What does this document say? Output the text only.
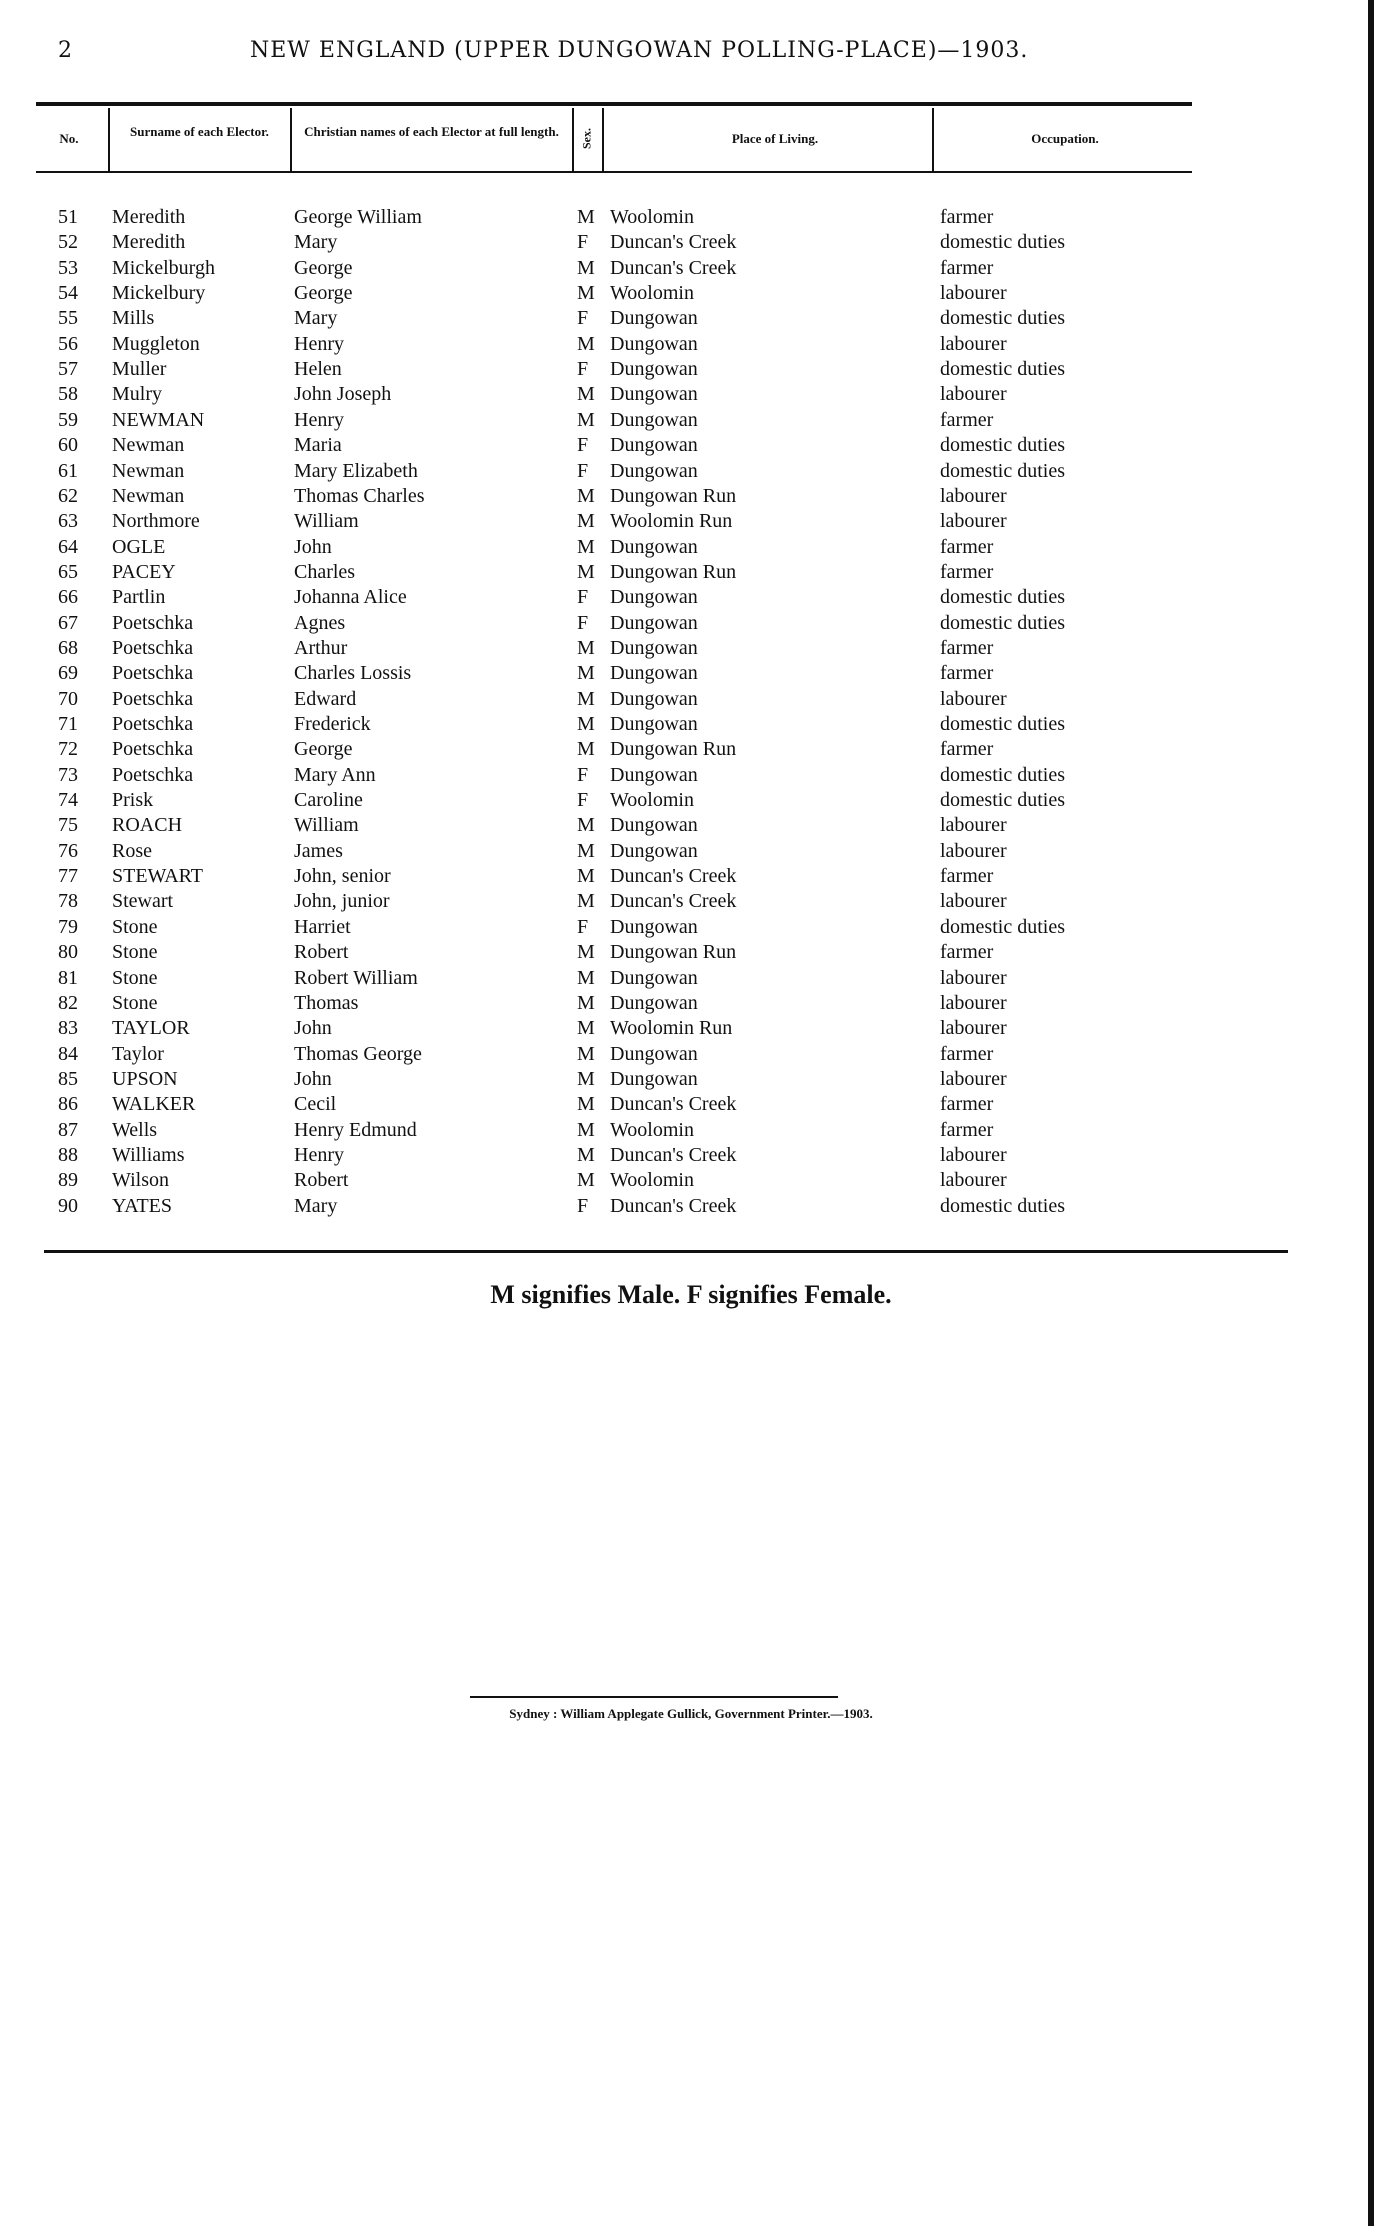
2	NEW ENGLAND (UPPER DUNGOWAN POLLING-PLACE)—1903.
No.	Surname of each Elector.	Christian names of each Elector at full length. Sex.	Place of Living.	Occupation.
51 Meredith	George William	M Woolomin	farmer
52 Meredith	Mary	F Duncan's Creek	domestic duties
53 Mickelburgh	George	M Duncan's Creek	farmer
54 Mickelbury	George	M Woolomin	labourer
55 Mills	Mary	F Dungowan	domestic duties
56 Muggleton	Henry	M Dungowan	labourer
57 Muller	Helen	F Dungowan	domestic duties
58 Mulry	John Joseph	M Dungowan	labourer
59 NEWMAN	Henry	M Dungowan	farmer
60 Newman	Maria	F Dungowan	domestic duties
61 Newman	Mary Elizabeth	F Dungowan	domestic duties
62 Newman	Thomas Charles	M Dungowan Run	labourer
63 Northmore	William	M Woolomin Run	labourer
64 OGLE	John	M Dungowan	farmer
65 PACEY	Charles	M Dungowan Run	farmer
66 Partlin	Johanna Alice	F Dungowan	domestic duties
67 Poetschka	Agnes	F Dungowan	domestic duties
68 Poetschka	Arthur	M Dungowan	farmer
69 Poetschka	Charles Lossis	M Dungowan	farmer
70 Poetschka	Edward	M Dungowan	labourer
71 Poetschka	Frederick	M Dungowan	domestic duties
72 Poetschka	George	M Dungowan Run	farmer
73 Poetschka	Mary Ann	F Dungowan	domestic duties
74 Prisk	Caroline	F Woolomin	domestic duties
75 ROACH	William	M Dungowan	labourer
76 Rose	James	M Dungowan	labourer
77 STEWART	John, senior	M Duncan's Creek	farmer
78 Stewart	John, junior	M Duncan's Creek	labourer
79 Stone	Harriet	F Dungowan	domestic duties
80 Stone	Robert	M Dungowan Run	farmer
81 Stone	Robert William	M Dungowan	labourer
82 Stone	Thomas	M Dungowan	labourer
83 TAYLOR	John	M Woolomin Run	labourer
84 Taylor	Thomas George	M Dungowan	farmer
85 UPSON	John	M Dungowan	labourer
86 WALKER	Cecil	M Duncan's Creek	farmer
87 Wells	Henry Edmund	M Woolomin	farmer
88 Williams	Henry	M Duncan's Creek	labourer
89 Wilson	Robert	M Woolomin	labourer
90 YATES	Mary	F Duncan's Creek	domestic duties
M signifies Male. F signifies Female.
Sydney : William Applegate Gullick, Government Printer.—1903.
